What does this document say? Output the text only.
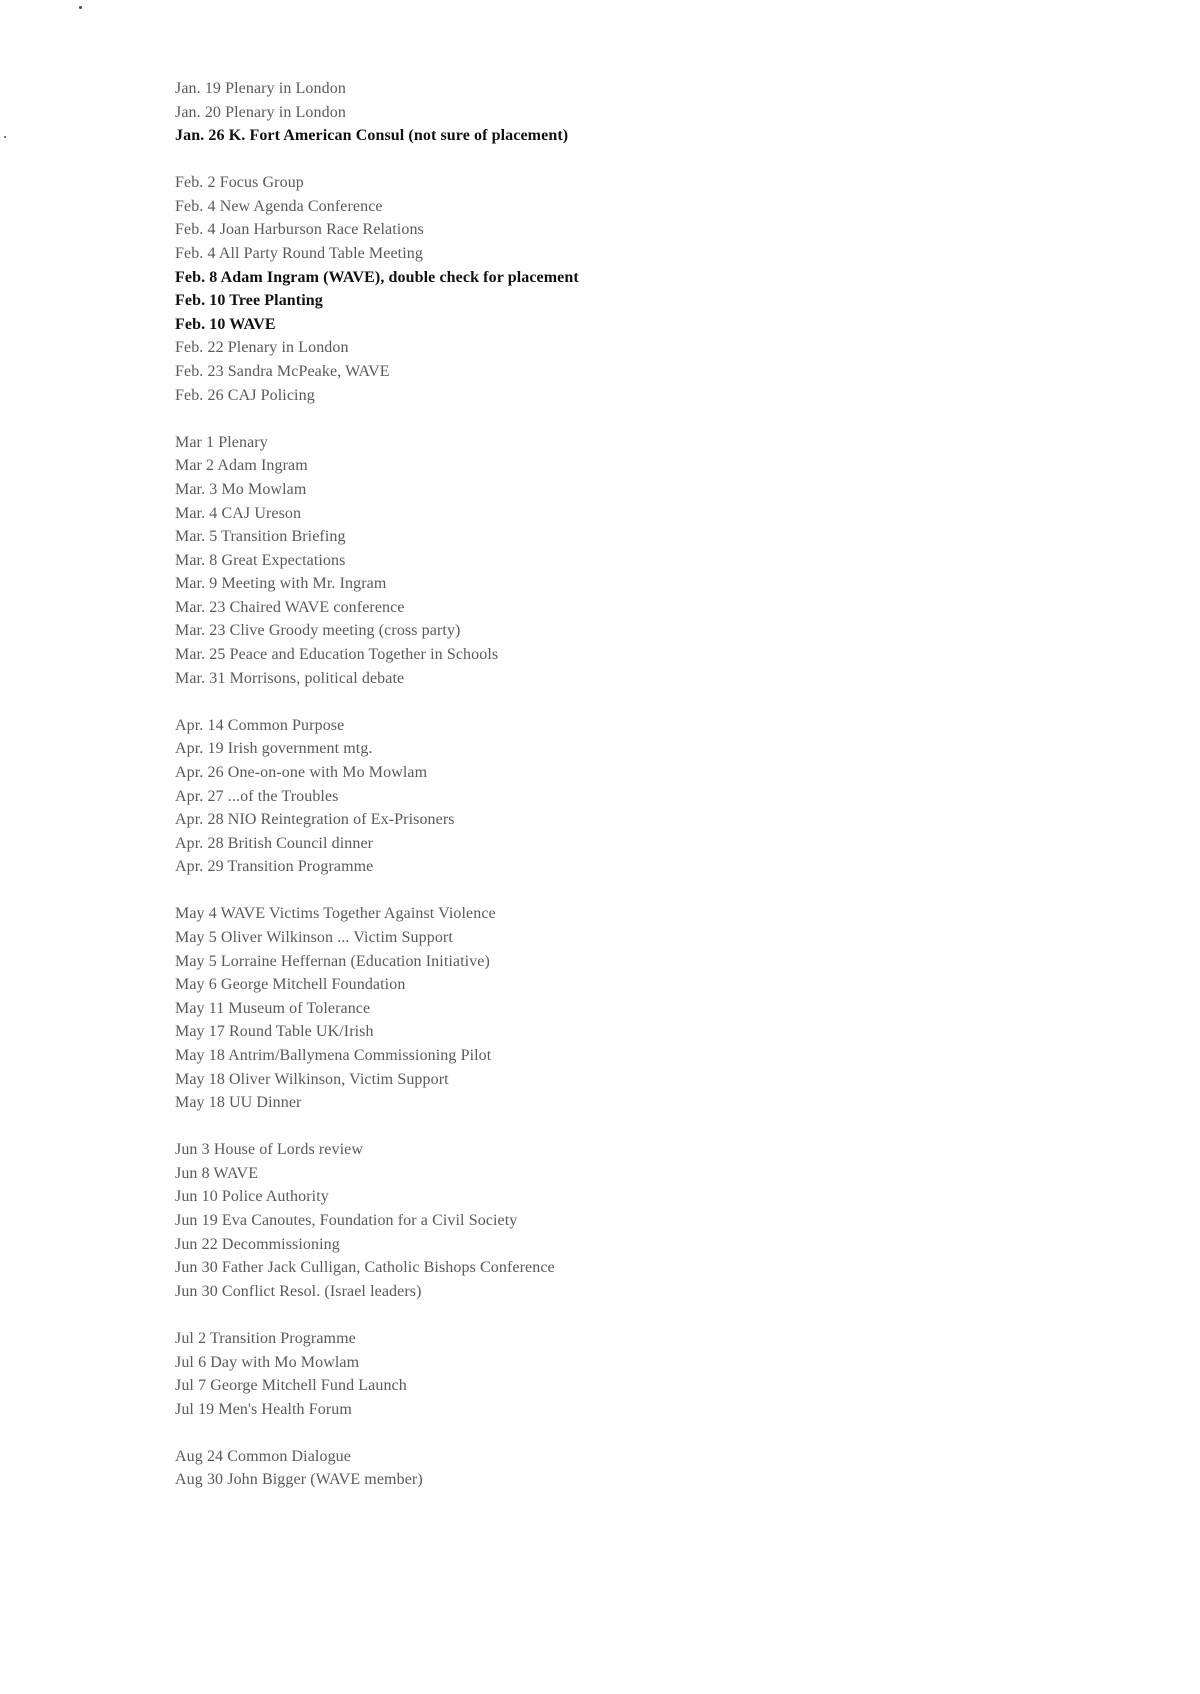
Jan. 19 Plenary in London
Jan. 20 Plenary in London
Jan. 26 K. Fort American Consul (not sure of placement)
Feb. 2 Focus Group
Feb. 4 New Agenda Conference
Feb. 4 Joan Harburson Race Relations
Feb. 4 All Party Round Table Meeting
Feb. 8 Adam Ingram (WAVE), double check for placement
Feb. 10 Tree Planting
Feb. 10 WAVE
Feb. 22 Plenary in London
Feb. 23 Sandra McPeake, WAVE
Feb. 26 CAJ Policing
Mar 1 Plenary
Mar 2 Adam Ingram
Mar. 3 Mo Mowlam
Mar. 4 CAJ Ureson
Mar. 5 Transition Briefing
Mar. 8 Great Expectations
Mar. 9 Meeting with Mr. Ingram
Mar. 23 Chaired WAVE conference
Mar. 23 Clive Groody meeting (cross party)
Mar. 25 Peace and Education Together in Schools
Mar. 31 Morrisons, political debate
Apr. 14 Common Purpose
Apr. 19 Irish government mtg.
Apr. 26 One-on-one with Mo Mowlam
Apr. 27 ...of the Troubles
Apr. 28 NIO Reintegration of Ex-Prisoners
Apr. 28 British Council dinner
Apr. 29 Transition Programme
May 4 WAVE Victims Together Against Violence
May 5 Oliver Wilkinson ... Victim Support
May 5 Lorraine Heffernan (Education Initiative)
May 6 George Mitchell Foundation
May 11 Museum of Tolerance
May 17 Round Table UK/Irish
May 18 Antrim/Ballymena Commissioning Pilot
May 18 Oliver Wilkinson, Victim Support
May 18 UU Dinner
Jun 3 House of Lords review
Jun 8 WAVE
Jun 10 Police Authority
Jun 19 Eva Canoutes, Foundation for a Civil Society
Jun 22 Decommissioning
Jun 30 Father Jack Culligan, Catholic Bishops Conference
Jun 30 Conflict Resol. (Israel leaders)
Jul 2 Transition Programme
Jul 6 Day with Mo Mowlam
Jul 7 George Mitchell Fund Launch
Jul 19 Men's Health Forum
Aug 24 Common Dialogue
Aug 30 John Bigger (WAVE member)
